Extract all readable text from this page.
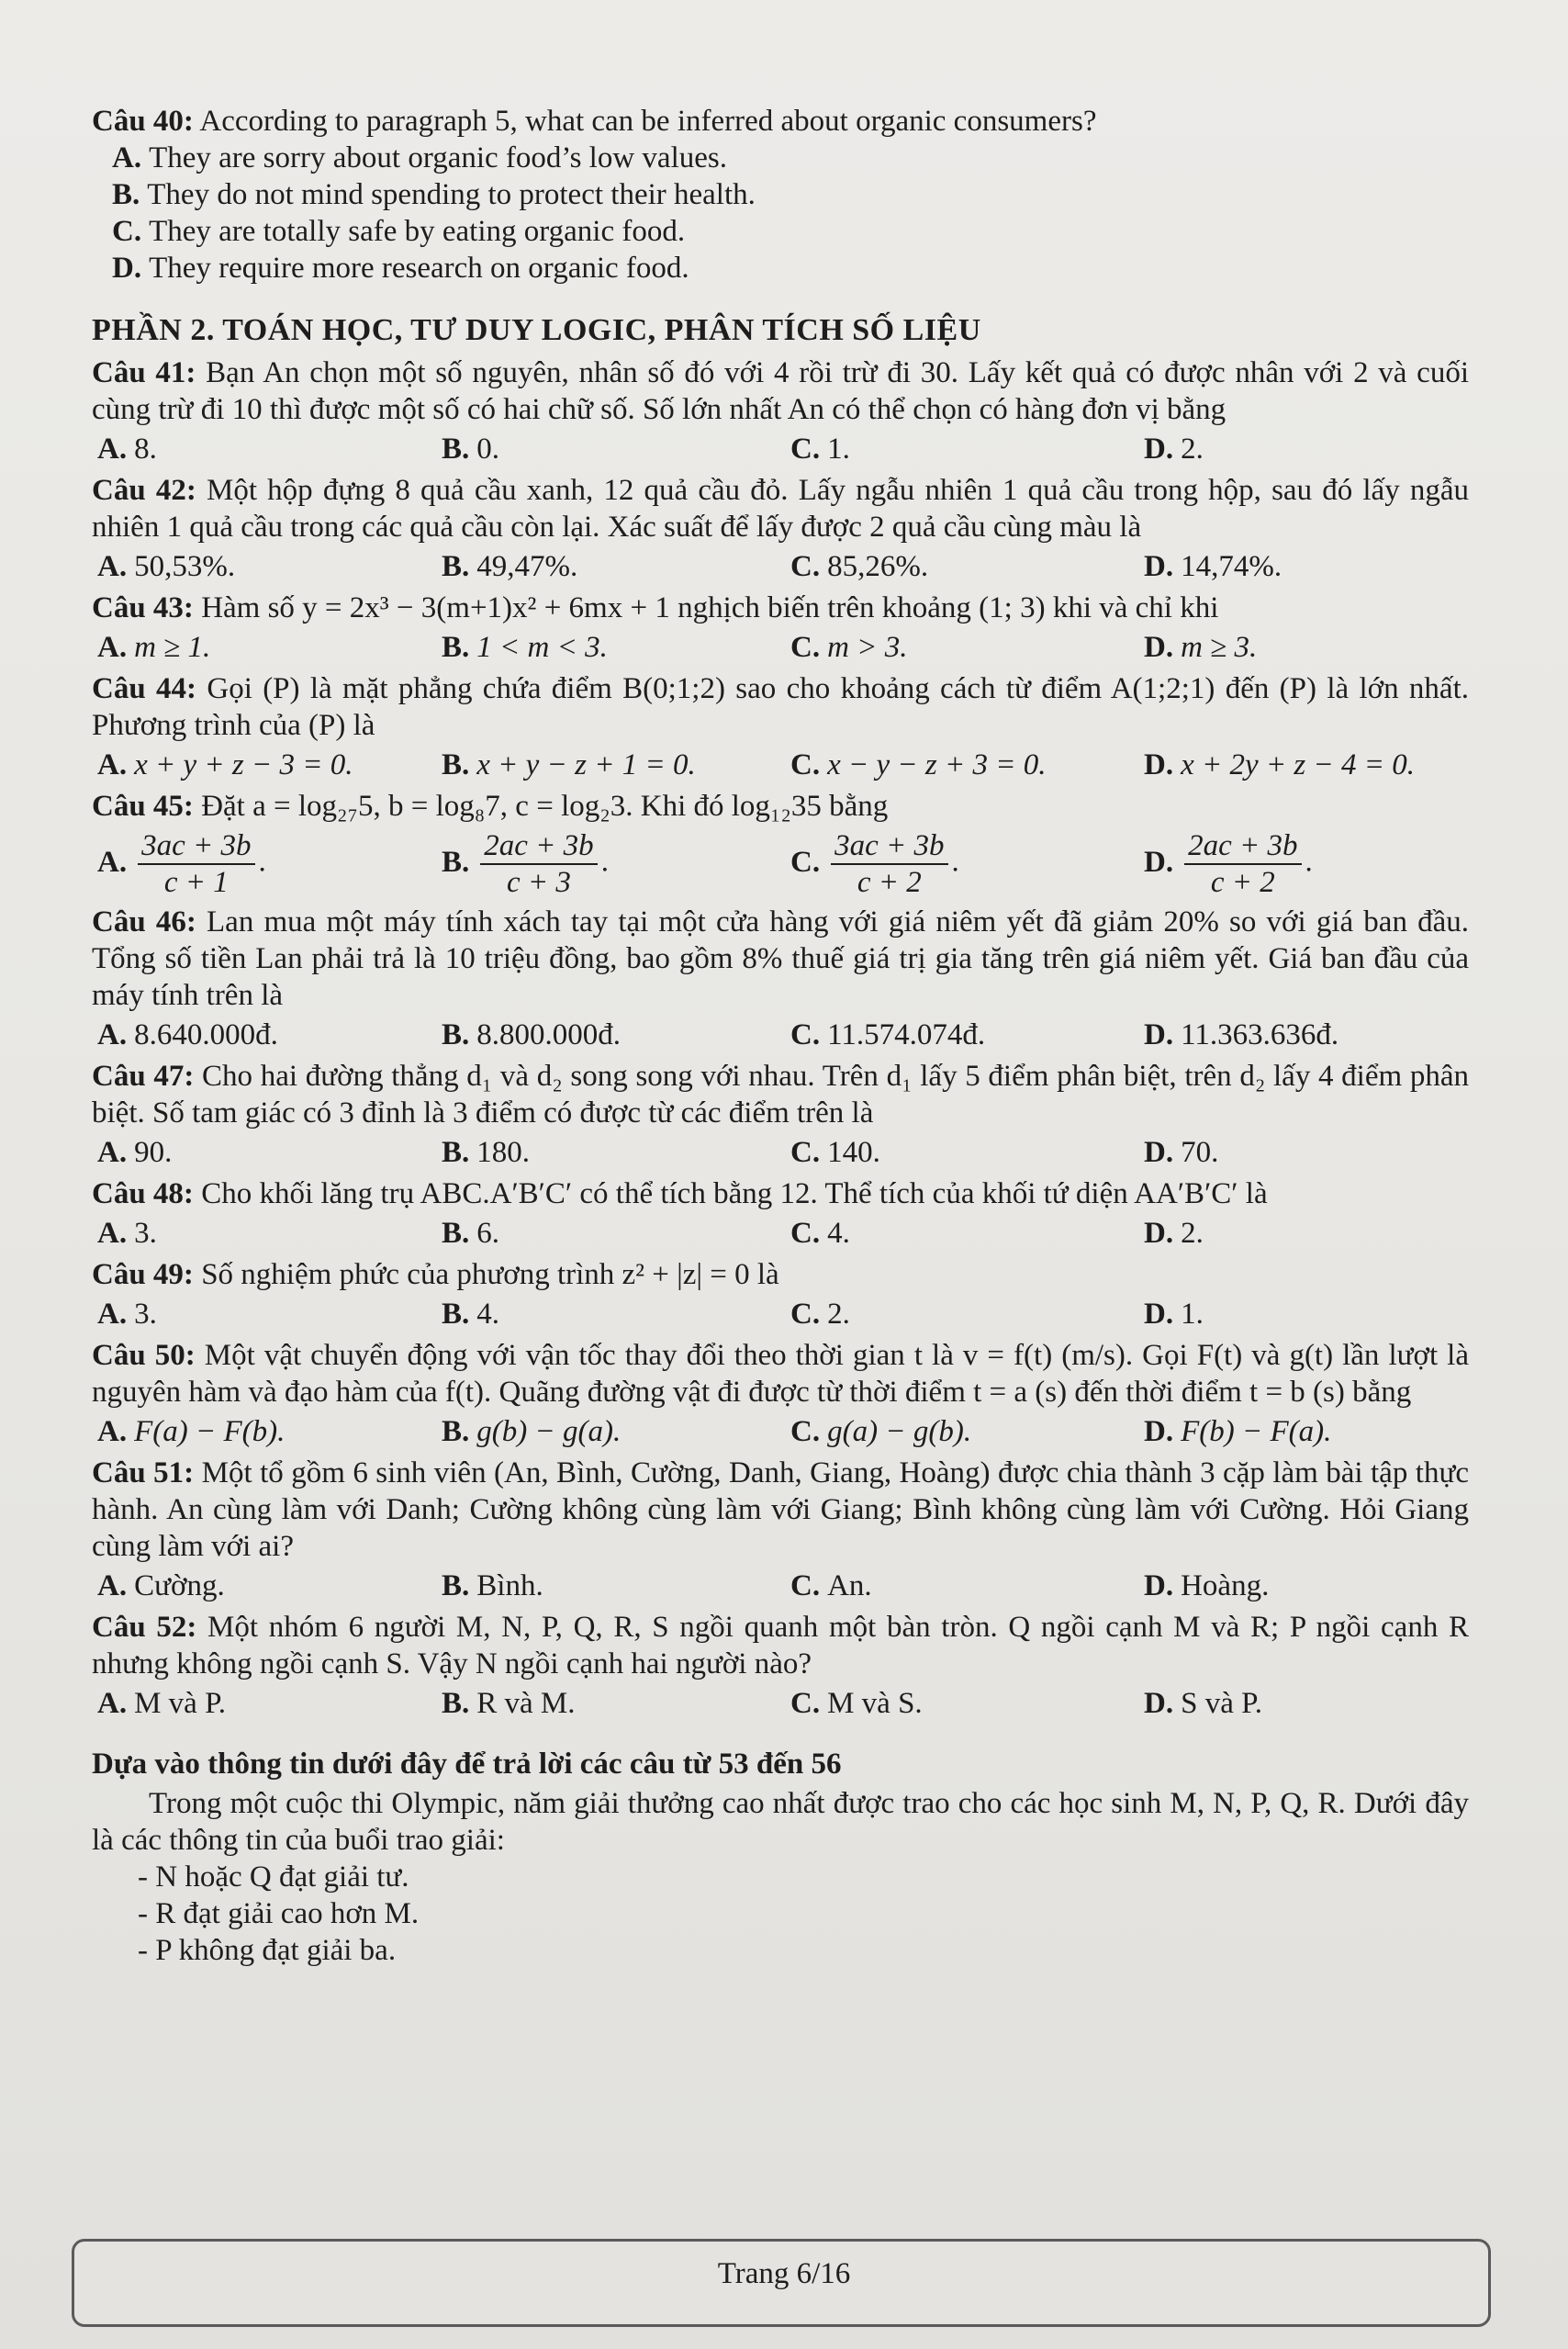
Câu 40: According to paragraph 5, what can be inferred about organic consumers?

A. They are sorry about organic food’s low values.
B. They do not mind spending to protect their health.
C. They are totally safe by eating organic food.
D. They require more research on organic food.
PHẦN 2. TOÁN HỌC, TƯ DUY LOGIC, PHÂN TÍCH SỐ LIỆU

Câu 41: Bạn An chọn một số nguyên, nhân số đó với 4 rồi trừ đi 30. Lấy kết quả có được nhân với 2 và cuối cùng trừ đi 10 thì được một số có hai chữ số. Số lớn nhất An có thể chọn có hàng đơn vị bằng

A. 8.	B. 0.	C. 1.	D. 2.

Câu 42: Một hộp đựng 8 quả cầu xanh, 12 quả cầu đỏ. Lấy ngẫu nhiên 1 quả cầu trong hộp, sau đó lấy ngẫu nhiên 1 quả cầu trong các quả cầu còn lại. Xác suất để lấy được 2 quả cầu cùng màu là

A. 50,53%.	B. 49,47%.	C. 85,26%.	D. 14,74%.

Câu 43: Hàm số y = 2x³ − 3(m+1)x² + 6mx + 1 nghịch biến trên khoảng (1; 3) khi và chỉ khi

A. m ≥ 1.	B. 1 < m < 3.	C. m > 3.	D. m ≥ 3.

Câu 44: Gọi (P) là mặt phẳng chứa điểm B(0;1;2) sao cho khoảng cách từ điểm A(1;2;1) đến (P) là lớn nhất. Phương trình của (P) là

A. x + y + z − 3 = 0.	B. x + y − z + 1 = 0.	C. x − y − z + 3 = 0.	D. x + 2y + z − 4 = 0.

Câu 45: Đặt a = log₂₇5, b = log₈7, c = log₂3. Khi đó log₁₂35 bằng

A. $\frac{3ac + 3b}{c + 1}$ .	B. $\frac{2ac + 3b}{c + 3}$ .	C. $\frac{3ac + 3b}{c + 2}$ .	D. $\frac{2ac + 3b}{c + 2}$ .

Câu 46: Lan mua một máy tính xách tay tại một cửa hàng với giá niêm yết đã giảm 20% so với giá ban đầu. Tổng số tiền Lan phải trả là 10 triệu đồng, bao gồm 8% thuế giá trị gia tăng trên giá niêm yết. Giá ban đầu của máy tính trên là

A. 8.640.000đ.	B. 8.800.000đ.	C. 11.574.074đ.	D. 11.363.636đ.

Câu 47: Cho hai đường thẳng d₁ và d₂ song song với nhau. Trên d₁ lấy 5 điểm phân biệt, trên d₂ lấy 4 điểm phân biệt. Số tam giác có 3 đỉnh là 3 điểm có được từ các điểm trên là

A. 90.	B. 180.	C. 140.	D. 70.

Câu 48: Cho khối lăng trụ ABC.A′B′C′ có thể tích bằng 12. Thể tích của khối tứ diện AA′B′C′ là

A. 3.	B. 6.	C. 4.	D. 2.

Câu 49: Số nghiệm phức của phương trình z² + |z| = 0 là

A. 3.	B. 4.	C. 2.	D. 1.

Câu 50: Một vật chuyển động với vận tốc thay đổi theo thời gian t là v = f(t) (m/s). Gọi F(t) và g(t) lần lượt là nguyên hàm và đạo hàm của f(t). Quãng đường vật đi được từ thời điểm t = a (s) đến thời điểm t = b (s) bằng

A. F(a) − F(b).	B. g(b) − g(a).	C. g(a) − g(b).	D. F(b) − F(a).

Câu 51: Một tổ gồm 6 sinh viên (An, Bình, Cường, Danh, Giang, Hoàng) được chia thành 3 cặp làm bài tập thực hành. An cùng làm với Danh; Cường không cùng làm với Giang; Bình không cùng làm với Cường. Hỏi Giang cùng làm với ai?

A. Cường.	B. Bình.	C. An.	D. Hoàng.

Câu 52: Một nhóm 6 người M, N, P, Q, R, S ngồi quanh một bàn tròn. Q ngồi cạnh M và R; P ngồi cạnh R nhưng không ngồi cạnh S. Vậy N ngồi cạnh hai người nào?

A. M và P.	B. R và M.	C. M và S.	D. S và P.
Dựa vào thông tin dưới đây để trả lời các câu từ 53 đến 56

Trong một cuộc thi Olympic, năm giải thưởng cao nhất được trao cho các học sinh M, N, P, Q, R. Dưới đây là các thông tin của buổi trao giải:

- N hoặc Q đạt giải tư.
- R đạt giải cao hơn M.
- P không đạt giải ba.
Trang 6/16
